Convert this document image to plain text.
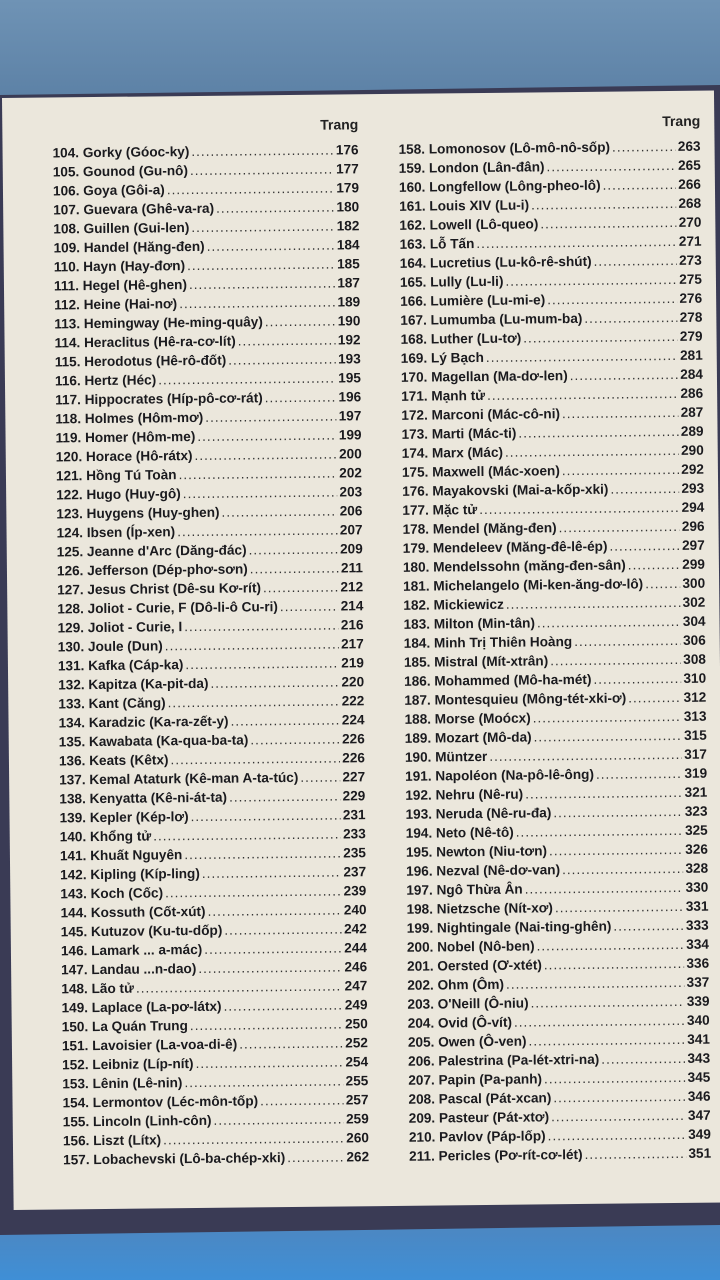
Trang
104. Gorky (Góoc-ky) .....	176
105. Gounod (Gu-nô) .....	177
106. Goya (Gôi-a) .....	179
107. Guevara (Ghê-va-ra) .....	180
108. Guillen (Gui-len) .....	182
109. Handel (Hăng-đen) .....	184
110. Hayn (Hay-đơn) .....	185
111. Hegel (Hê-ghen) .....	187
112. Heine (Hai-nơ) .....	189
113. Hemingway (He-ming-quây) .....	190
114. Heraclitus (Hê-ra-cơ-lít) .....	192
115. Herodotus (Hê-rô-đốt) .....	193
116. Hertz (Héc) .....	195
117. Hippocrates (Híp-pô-cơ-rát) .....	196
118. Holmes (Hôm-mơ) .....	197
119. Homer (Hôm-me) .....	199
120. Horace (Hô-rátx) .....	200
121. Hồng Tú Toàn .....	202
122. Hugo (Huy-gô) .....	203
123. Huygens (Huy-ghen) .....	206
124. Ibsen (Íp-xen) .....	207
125. Jeanne d'Arc (Dăng-đác) .....	209
126. Jefferson (Dép-phơ-sơn) .....	211
127. Jesus Christ (Dê-su Kơ-rít) .....	212
128. Joliot - Curie, F (Dô-li-ô Cu-ri) .....	214
129. Joliot - Curie, I .....	216
130. Joule (Dun) .....	217
131. Kafka (Cáp-ka) .....	219
132. Kapitza (Ka-pit-da) .....	220
133. Kant (Căng) .....	222
134. Karadzic (Ka-ra-zết-y) .....	224
135. Kawabata (Ka-qua-ba-ta) .....	226
136. Keats (Kêtx) .....	226
137. Kemal Ataturk (Kê-man A-ta-túc) .....	227
138. Kenyatta (Kê-ni-át-ta) .....	229
139. Kepler (Kép-lơ) .....	231
140. Khổng tử .....	233
141. Khuất Nguyên .....	235
142. Kipling (Kíp-ling) .....	237
143. Koch (Cốc) .....	239
144. Kossuth (Cốt-xút) .....	240
145. Kutuzov (Ku-tu-dốp) .....	242
146. Lamark ... a-mác) .....	244
147. Landau ...n-dao) .....	246
148. Lão tử .....	247
149. Laplace (La-pơ-látx) .....	249
150. La Quán Trung .....	250
151. Lavoisier (La-voa-di-ê) .....	252
152. Leibniz (Líp-nít) .....	254
153. Lênin (Lê-nin) .....	255
154. Lermontov (Léc-môn-tốp) .....	257
155. Lincoln (Linh-côn) .....	259
156. Liszt (Lítx) .....	260
157. Lobachevski (Lô-ba-chép-xki) .....	262
Trang
158. Lomonosov (Lô-mô-nô-sốp) .....	263
159. London (Lân-đân) .....	265
160. Longfellow (Lông-pheo-lô) .....	266
161. Louis XIV (Lu-i) .....	268
162. Lowell (Lô-queo) .....	270
163. Lỗ Tấn .....	271
164. Lucretius (Lu-kô-rê-shút) .....	273
165. Lully (Lu-li) .....	275
166. Lumière (Lu-mi-e) .....	276
167. Lumumba (Lu-mum-ba) .....	278
168. Luther (Lu-tơ) .....	279
169. Lý Bạch .....	281
170. Magellan (Ma-dơ-len) .....	284
171. Mạnh tử .....	286
172. Marconi (Mác-cô-ni) .....	287
173. Marti (Mác-ti) .....	289
174. Marx (Mác) .....	290
175. Maxwell (Mác-xoen) .....	292
176. Mayakovski (Mai-a-kốp-xki) .....	293
177. Mặc tử .....	294
178. Mendel (Măng-đen) .....	296
179. Mendeleev (Măng-đê-lê-ép) .....	297
180. Mendelssohn (măng-đen-sân) .....	299
181. Michelangelo (Mi-ken-ăng-dơ-lô) .....	300
182. Mickiewicz .....	302
183. Milton (Min-tân) .....	304
184. Minh Trị Thiên Hoàng .....	306
185. Mistral (Mít-xtrân) .....	308
186. Mohammed (Mô-ha-mét) .....	310
187. Montesquieu (Mông-tét-xki-ơ) .....	312
188. Morse (Moócx) .....	313
189. Mozart (Mô-da) .....	315
190. Müntzer .....	317
191. Napoléon (Na-pô-lê-ông) .....	319
192. Nehru (Nê-ru) .....	321
193. Neruda (Nê-ru-đa) .....	323
194. Neto (Nê-tô) .....	325
195. Newton (Niu-tơn) .....	326
196. Nezval (Nê-dơ-van) .....	328
197. Ngô Thừa Ân .....	330
198. Nietzsche (Nít-xơ) .....	331
199. Nightingale (Nai-ting-ghên) .....	333
200. Nobel (Nô-ben) .....	334
201. Oersted (Ơ-xtét) .....	336
202. Ohm (Ôm) .....	337
203. O'Neill (Ô-niu) .....	339
204. Ovid (Ô-vít) .....	340
205. Owen (Ô-ven) .....	341
206. Palestrina (Pa-lét-xtri-na) .....	343
207. Papin (Pa-panh) .....	345
208. Pascal (Pát-xcan) .....	346
209. Pasteur (Pát-xtơ) .....	347
210. Pavlov (Páp-lốp) .....	349
211. Pericles (Pơ-rít-cơ-lét) .....	351
